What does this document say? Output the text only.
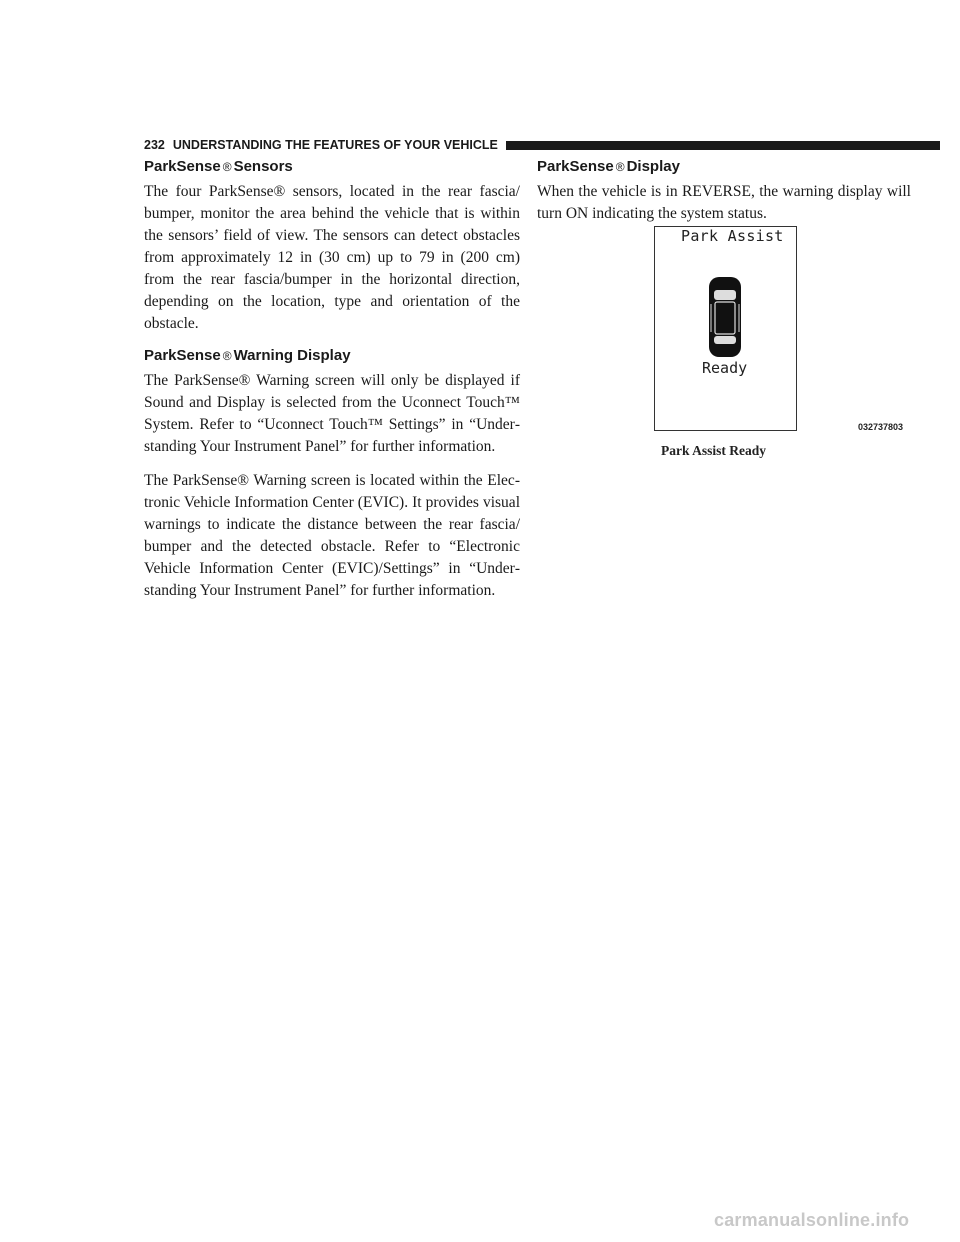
232 UNDERSTANDING THE FEATURES OF YOUR VEHICLE
ParkSense ® Sensors

The four ParkSense® sensors, located in the rear fascia/ bumper, monitor the area behind the vehicle that is within the sensors’ field of view. The sensors can detect obstacles from approximately 12 in (30 cm) up to 79 in (200 cm) from the rear fascia/bumper in the horizontal direction, depending on the location, type and orientation of the obstacle.

ParkSense ® Warning Display

The ParkSense® Warning screen will only be displayed if Sound and Display is selected from the Uconnect Touch™ System. Refer to “Uconnect Touch™ Settings” in “Understanding Your Instrument Panel” for further information.

The ParkSense® Warning screen is located within the Electronic Vehicle Information Center (EVIC). It provides visual warnings to indicate the distance between the rear fascia/ bumper and the detected obstacle. Refer to “Electronic Vehicle Information Center (EVIC)/Settings” in “Understanding Your Instrument Panel” for further information.

ParkSense ® Display

When the vehicle is in REVERSE, the warning display will turn ON indicating the system status.

Park Assist
Ready
032737803
Park Assist Ready
carmanualsonline.info
